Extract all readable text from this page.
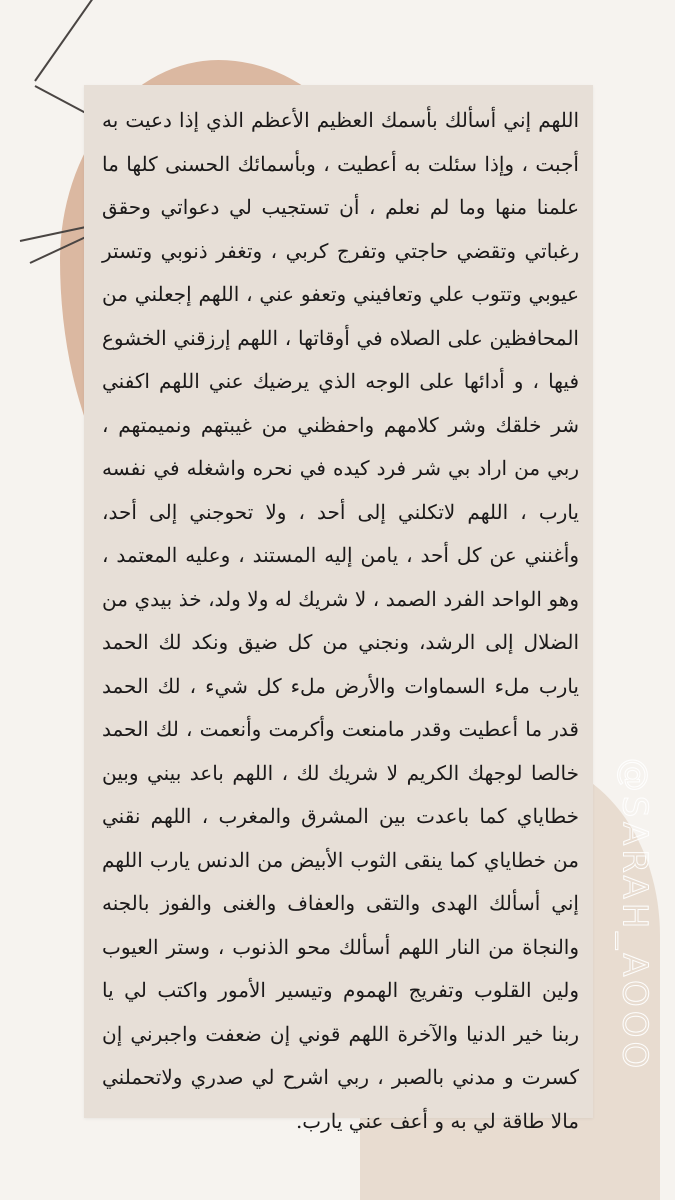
اللهم إني أسألك بأسمك العظيم الأعظم الذي إذا دعيت به أجبت ، وإذا سئلت به أعطيت ، وبأسمائك الحسنى كلها ما علمنا منها وما لم نعلم ، أن تستجيب لي دعواتي وحقق رغباتي وتقضي حاجتي وتفرج كربي ، وتغفر ذنوبي وتستر عيوبي وتتوب علي وتعافيني وتعفو عني ، اللهم إجعلني من المحافظين على الصلاه في أوقاتها ، اللهم إرزقني الخشوع فيها ، و أدائها على الوجه الذي يرضيك عني اللهم اكفني شر خلقك وشر كلامهم واحفظني من غيبتهم ونميمتهم ، ربي من اراد بي شر فرد كيده في نحره واشغله في نفسه يارب ، اللهم لاتكلني إلى أحد ، ولا تحوجني إلى أحد، وأغنني عن كل أحد ، يامن إليه المستند ، وعليه المعتمد ، وهو الواحد الفرد الصمد ، لا شريك له ولا ولد، خذ بيدي من الضلال إلى الرشد، ونجني من كل ضيق ونكد لك الحمد يارب ملء السماوات والأرض ملء كل شيء ، لك الحمد قدر ما أعطيت وقدر مامنعت وأكرمت وأنعمت ، لك الحمد خالصا لوجهك الكريم لا شريك لك ، اللهم باعد بيني وبين خطاياي كما باعدت بين المشرق والمغرب ، اللهم نقني من خطاياي كما ينقى الثوب الأبيض من الدنس يارب اللهم إني أسألك الهدى والتقى والعفاف والغنى والفوز بالجنه والنجاة من النار اللهم أسألك محو الذنوب ، وستر العيوب ولين القلوب وتفريج الهموم وتيسير الأمور واكتب لي يا ربنا خير الدنيا والآخرة اللهم قوني إن ضعفت واجبرني إن كسرت و مدني بالصبر ، ربي اشرح لي صدري ولاتحملني مالا طاقة لي به و أعف عني يارب.

@SARAH_AOOO
